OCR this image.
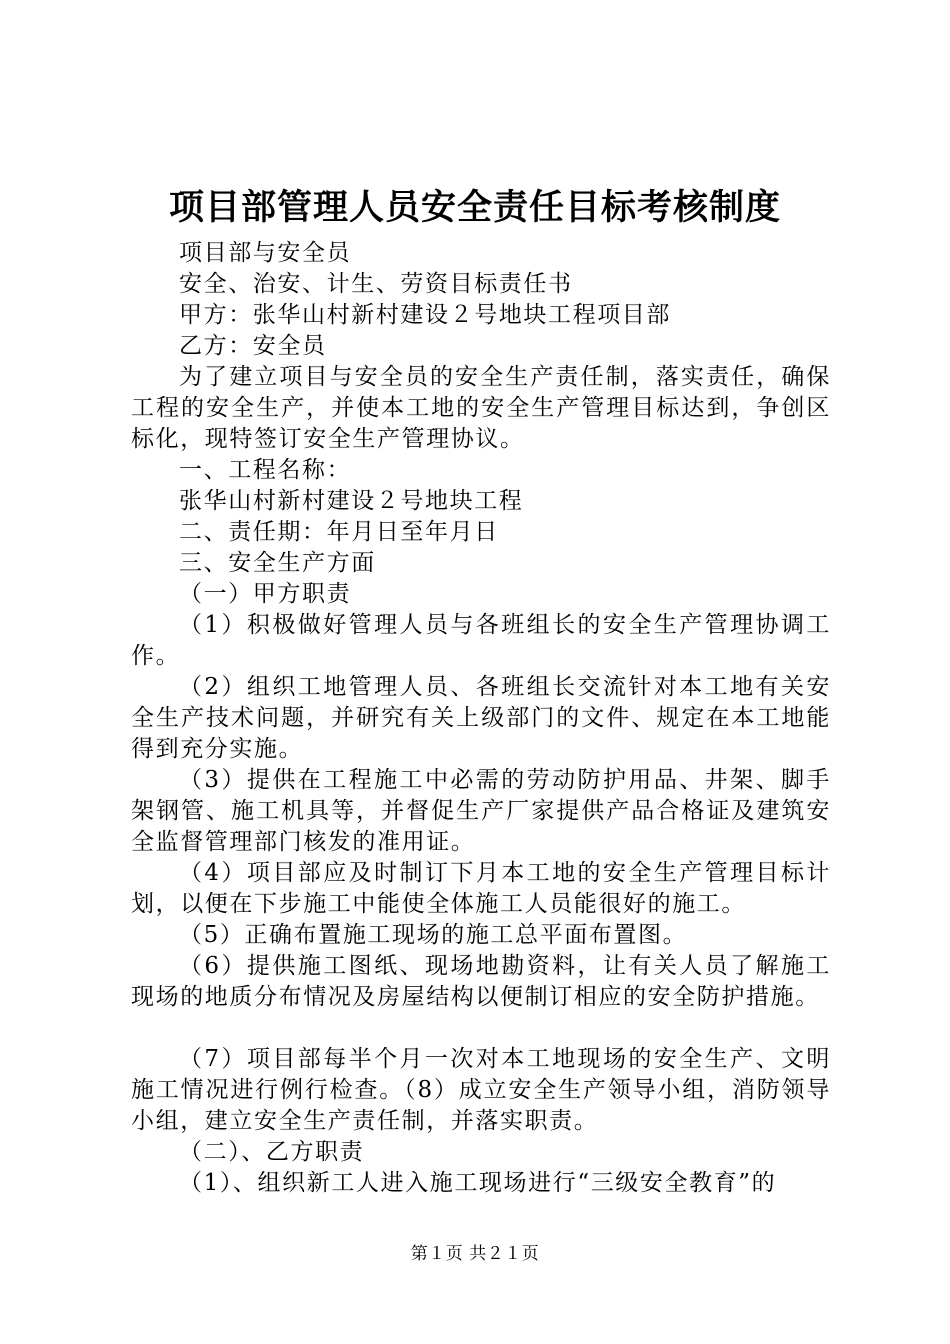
项目部管理人员安全责任目标考核制度

项目部与安全员

安全、治安、计生、劳资目标责任书

甲方：张华山村新村建设２号地块工程项目部

乙方：安全员

为了建立项目与安全员的安全生产责任制，落实责任，确保工程的安全生产，并使本工地的安全生产管理目标达到，争创区标化，现特签订安全生产管理协议。

一、工程名称：

张华山村新村建设２号地块工程

二、责任期：年月日至年月日

三、安全生产方面

（一）甲方职责

（1）积极做好管理人员与各班组长的安全生产管理协调工作。

（2）组织工地管理人员、各班组长交流针对本工地有关安全生产技术问题，并研究有关上级部门的文件、规定在本工地能得到充分实施。

（3）提供在工程施工中必需的劳动防护用品、井架、脚手架钢管、施工机具等，并督促生产厂家提供产品合格证及建筑安全监督管理部门核发的准用证。

（4）项目部应及时制订下月本工地的安全生产管理目标计划，以便在下步施工中能使全体施工人员能很好的施工。

（5）正确布置施工现场的施工总平面布置图。

（6）提供施工图纸、现场地勘资料，让有关人员了解施工现场的地质分布情况及房屋结构以便制订相应的安全防护措施。

（7）项目部每半个月一次对本工地现场的安全生产、文明施工情况进行例行检查。（8）成立安全生产领导小组，消防领导小组，建立安全生产责任制，并落实职责。

（二）、乙方职责

（1）、组织新工人进入施工现场进行“三级安全教育”的

第１页 共２１页
